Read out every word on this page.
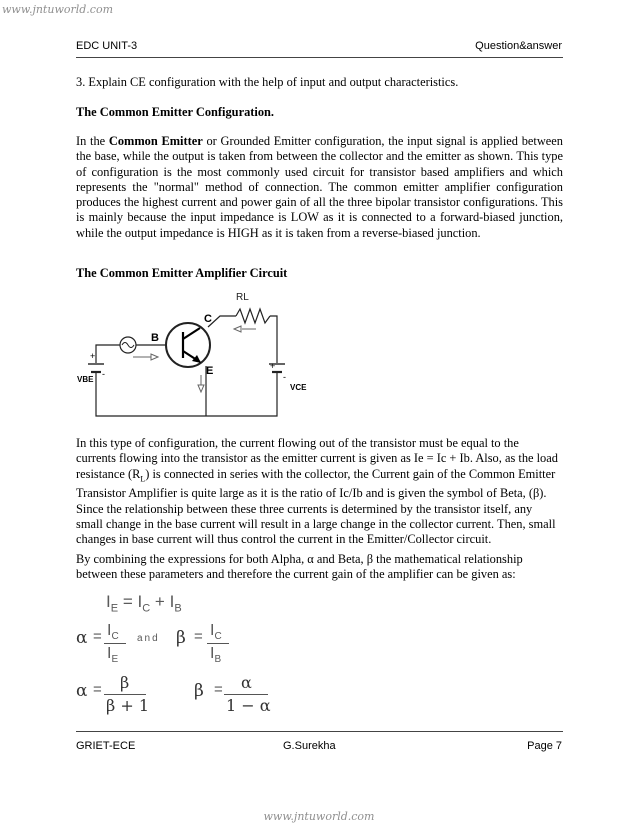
www.jntuworld.com
EDC UNIT-3	Question&answer
3. Explain CE configuration with the help of input and output characteristics.
The Common Emitter Configuration.
In the Common Emitter or Grounded Emitter configuration, the input signal is applied between the base, while the output is taken from between the collector and the emitter as shown. This type of configuration is the most commonly used circuit for transistor based amplifiers and which represents the "normal" method of connection. The common emitter amplifier configuration produces the highest current and power gain of all the three bipolar transistor configurations. This is mainly because the input impedance is LOW as it is connected to a forward-biased junction, while the output impedance is HIGH as it is taken from a reverse-biased junction.
The Common Emitter Amplifier Circuit
RL
C
B
E
VBE
VCE
+
-
+
-
In this type of configuration, the current flowing out of the transistor must be equal to the
currents flowing into the transistor as the emitter current is given as Ie = Ic + Ib. Also, as the load
resistance $(R_L)$ is connected in series with the collector, the Current gain of the Common Emitter
Transistor Amplifier is quite large as it is the ratio of Ic/Ib and is given the symbol of Beta, (β).
Since the relationship between these three currents is determined by the transistor itself, any
small change in the base current will result in a large change in the collector current. Then, small
changes in base current will thus control the current in the Emitter/Collector circuit.
By combining the expressions for both Alpha, α and Beta, β the mathematical relationship
between these parameters and therefore the current gain of the amplifier can be given as:
$I_E = I_C + I_B$
$\alpha = I_C$
$I_E$
and $\beta = I_C$
$I_B$
α = β
β + 1
β = α
1 − α
GRIET-ECE	G.Surekha	Page 7
www.jntuworld.com
